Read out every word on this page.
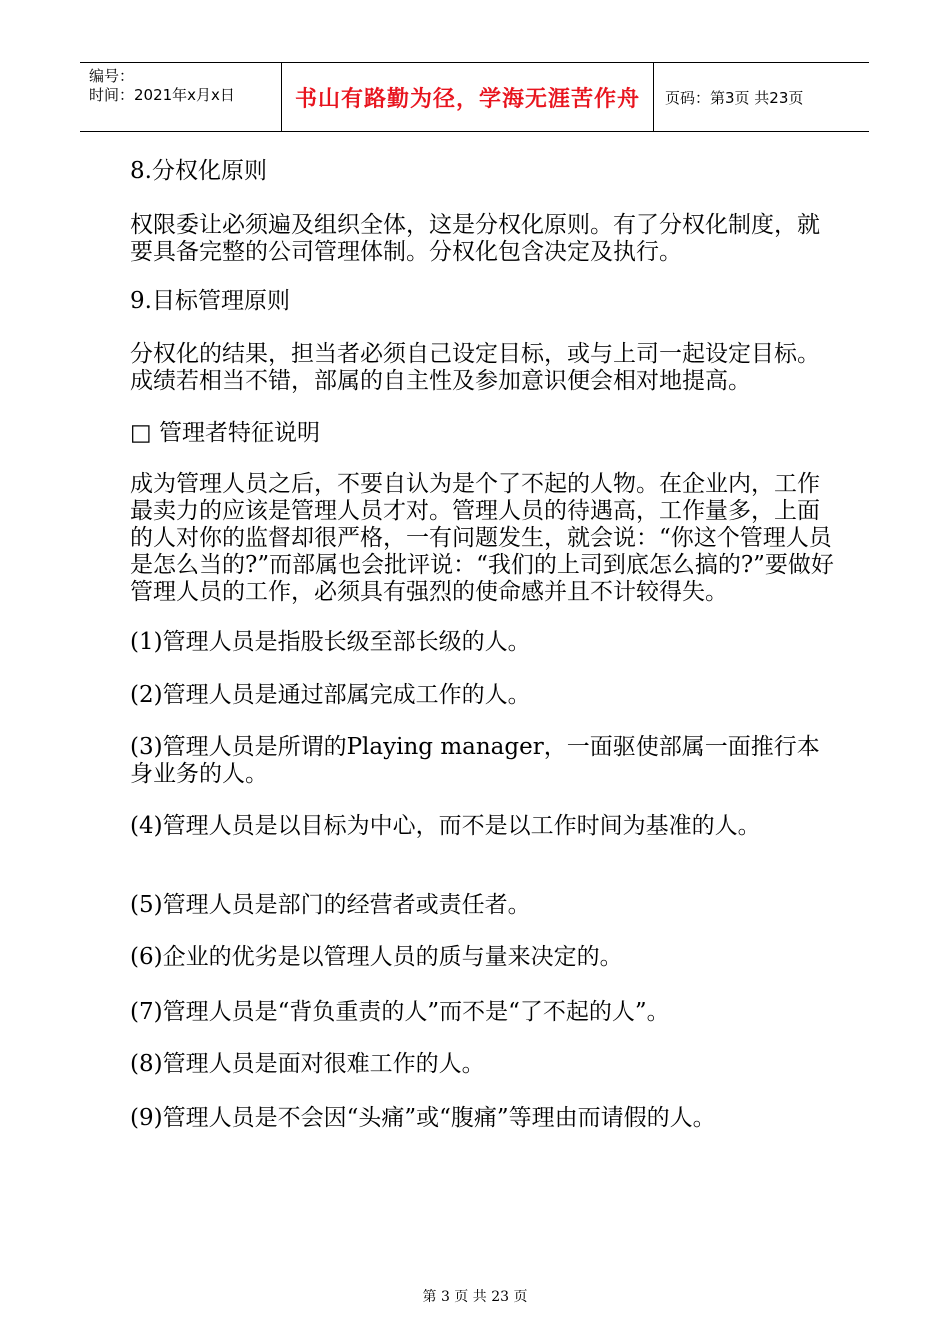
编号：
时间：2021年x月x日	书山有路勤为径，学海无涯苦作舟 页码：第3页 共23页

8.分权化原则

权限委让必须遍及组织全体，这是分权化原则。有了分权化制度，就要具备完整的公司管理体制。分权化包含决定及执行。

9.目标管理原则

分权化的结果，担当者必须自己设定目标，或与上司一起设定目标。成绩若相当不错，部属的自主性及参加意识便会相对地提高。

□ 管理者特征说明

成为管理人员之后，不要自认为是个了不起的人物。在企业内，工作最卖力的应该是管理人员才对。管理人员的待遇高，工作量多，上面的人对你的监督却很严格，一有问题发生，就会说：“你这个管理人员是怎么当的?”而部属也会批评说：“我们的上司到底怎么搞的?”要做好管理人员的工作，必须具有强烈的使命感并且不计较得失。

(1)管理人员是指股长级至部长级的人。

(2)管理人员是通过部属完成工作的人。

(3)管理人员是所谓的Playing manager，一面驱使部属一面推行本身业务的人。

(4)管理人员是以目标为中心，而不是以工作时间为基准的人。

(5)管理人员是部门的经营者或责任者。

(6)企业的优劣是以管理人员的质与量来决定的。

(7)管理人员是“背负重责的人”而不是“了不起的人”。

(8)管理人员是面对很难工作的人。

(9)管理人员是不会因“头痛”或“腹痛”等理由而请假的人。

第 3 页 共 23 页
